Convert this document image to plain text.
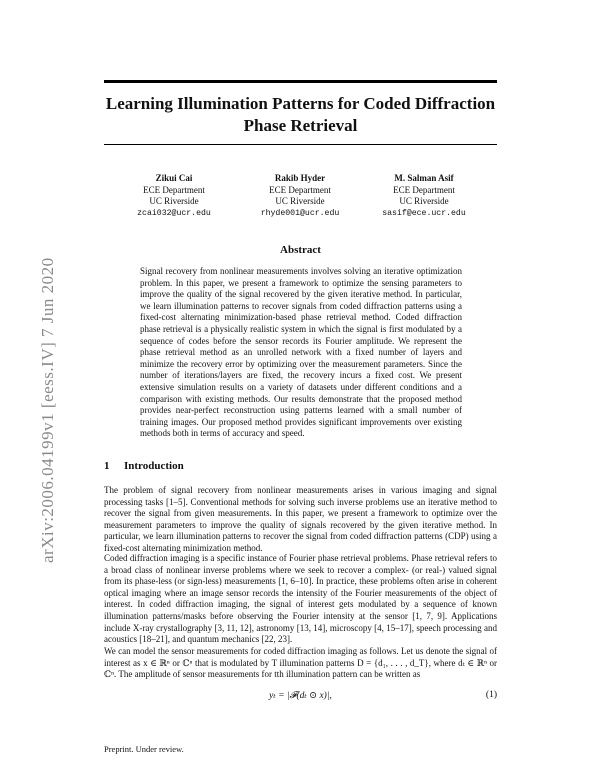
arXiv:2006.04199v1 [eess.IV] 7 Jun 2020
Learning Illumination Patterns for Coded Diffraction Phase Retrieval
Zikui Cai
ECE Department
UC Riverside
zcai032@ucr.edu
Rakib Hyder
ECE Department
UC Riverside
rhyde001@ucr.edu
M. Salman Asif
ECE Department
UC Riverside
sasif@ece.ucr.edu
Abstract

Signal recovery from nonlinear measurements involves solving an iterative optimization problem. In this paper, we present a framework to optimize the sensing parameters to improve the quality of the signal recovered by the given iterative method. In particular, we learn illumination patterns to recover signals from coded diffraction patterns using a fixed-cost alternating minimization-based phase retrieval method. Coded diffraction phase retrieval is a physically realistic system in which the signal is first modulated by a sequence of codes before the sensor records its Fourier amplitude. We represent the phase retrieval method as an unrolled network with a fixed number of layers and minimize the recovery error by optimizing over the measurement parameters. Since the number of iterations/layers are fixed, the recovery incurs a fixed cost. We present extensive simulation results on a variety of datasets under different conditions and a comparison with existing methods. Our results demonstrate that the proposed method provides near-perfect reconstruction using patterns learned with a small number of training images. Our proposed method provides significant improvements over existing methods both in terms of accuracy and speed.

1 Introduction

The problem of signal recovery from nonlinear measurements arises in various imaging and signal processing tasks [1–5]. Conventional methods for solving such inverse problems use an iterative method to recover the signal from given measurements. In this paper, we present a framework to optimize over the measurement parameters to improve the quality of signals recovered by the given iterative method. In particular, we learn illumination patterns to recover the signal from coded diffraction patterns (CDP) using a fixed-cost alternating minimization method.

Coded diffraction imaging is a specific instance of Fourier phase retrieval problems. Phase retrieval refers to a broad class of nonlinear inverse problems where we seek to recover a complex- (or real-) valued signal from its phase-less (or sign-less) measurements [1, 6–10]. In practice, these problems often arise in coherent optical imaging where an image sensor records the intensity of the Fourier measurements of the object of interest. In coded diffraction imaging, the signal of interest gets modulated by a sequence of known illumination patterns/masks before observing the Fourier intensity at the sensor [1, 7, 9]. Applications include X-ray crystallography [3, 11, 12], astronomy [13, 14], microscopy [4, 15–17], speech processing and acoustics [18–21], and quantum mechanics [22, 23].

We can model the sensor measurements for coded diffraction imaging as follows. Let us denote the signal of interest as x ∈ ℝⁿ or ℂⁿ that is modulated by T illumination patterns D = {d₁, . . . , d_T}, where dₜ ∈ ℝⁿ or ℂⁿ. The amplitude of sensor measurements for tth illumination pattern can be written as

yₜ = |𝓕(dₜ ⊙ x)|,	(1)
Preprint. Under review.
